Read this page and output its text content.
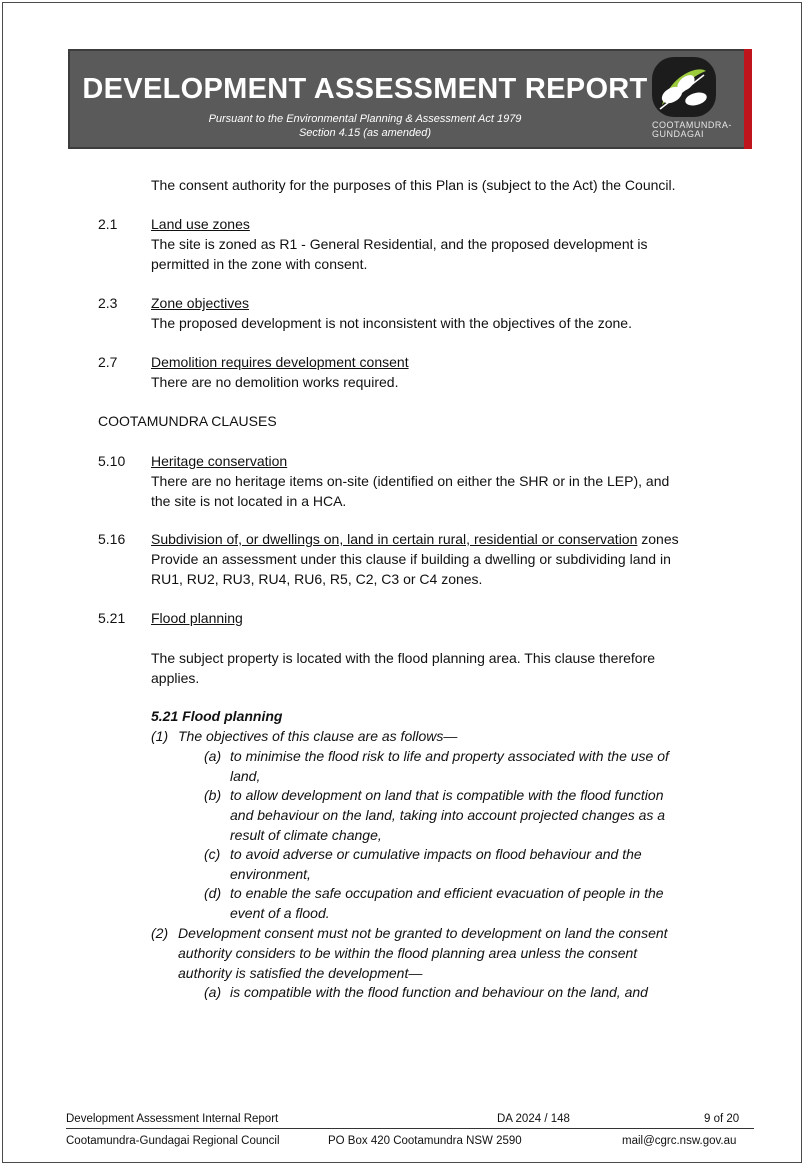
DEVELOPMENT ASSESSMENT REPORT
Pursuant to the Environmental Planning & Assessment Act 1979
Section 4.15 (as amended)
COOTAMUNDRA-
GUNDAGAI
The consent authority for the purposes of this Plan is (subject to the Act) the Council.
2.1 Land use zones
The site is zoned as R1 - General Residential, and the proposed development is
permitted in the zone with consent.
2.3 Zone objectives
The proposed development is not inconsistent with the objectives of the zone.
2.7 Demolition requires development consent
There are no demolition works required.
COOTAMUNDRA CLAUSES
5.10 Heritage conservation
There are no heritage items on-site (identified on either the SHR or in the LEP), and
the site is not located in a HCA.
5.16 Subdivision of, or dwellings on, land in certain rural, residential or conservation zones
Provide an assessment under this clause if building a dwelling or subdividing land in
RU1, RU2, RU3, RU4, RU6, R5, C2, C3 or C4 zones.
5.21 Flood planning
The subject property is located with the flood planning area. This clause therefore
applies.
5.21 Flood planning
(1) The objectives of this clause are as follows—
(a) to minimise the flood risk to life and property associated with the use of
land,
(b) to allow development on land that is compatible with the flood function
and behaviour on the land, taking into account projected changes as a
result of climate change,
(c) to avoid adverse or cumulative impacts on flood behaviour and the
environment,
(d) to enable the safe occupation and efficient evacuation of people in the
event of a flood.
(2) Development consent must not be granted to development on land the consent
authority considers to be within the flood planning area unless the consent
authority is satisfied the development—
(a) is compatible with the flood function and behaviour on the land, and
Development Assessment Internal Report	DA 2024 / 148	9 of 20
Cootamundra-Gundagai Regional Council	PO Box 420 Cootamundra NSW 2590	mail@cgrc.nsw.gov.au
